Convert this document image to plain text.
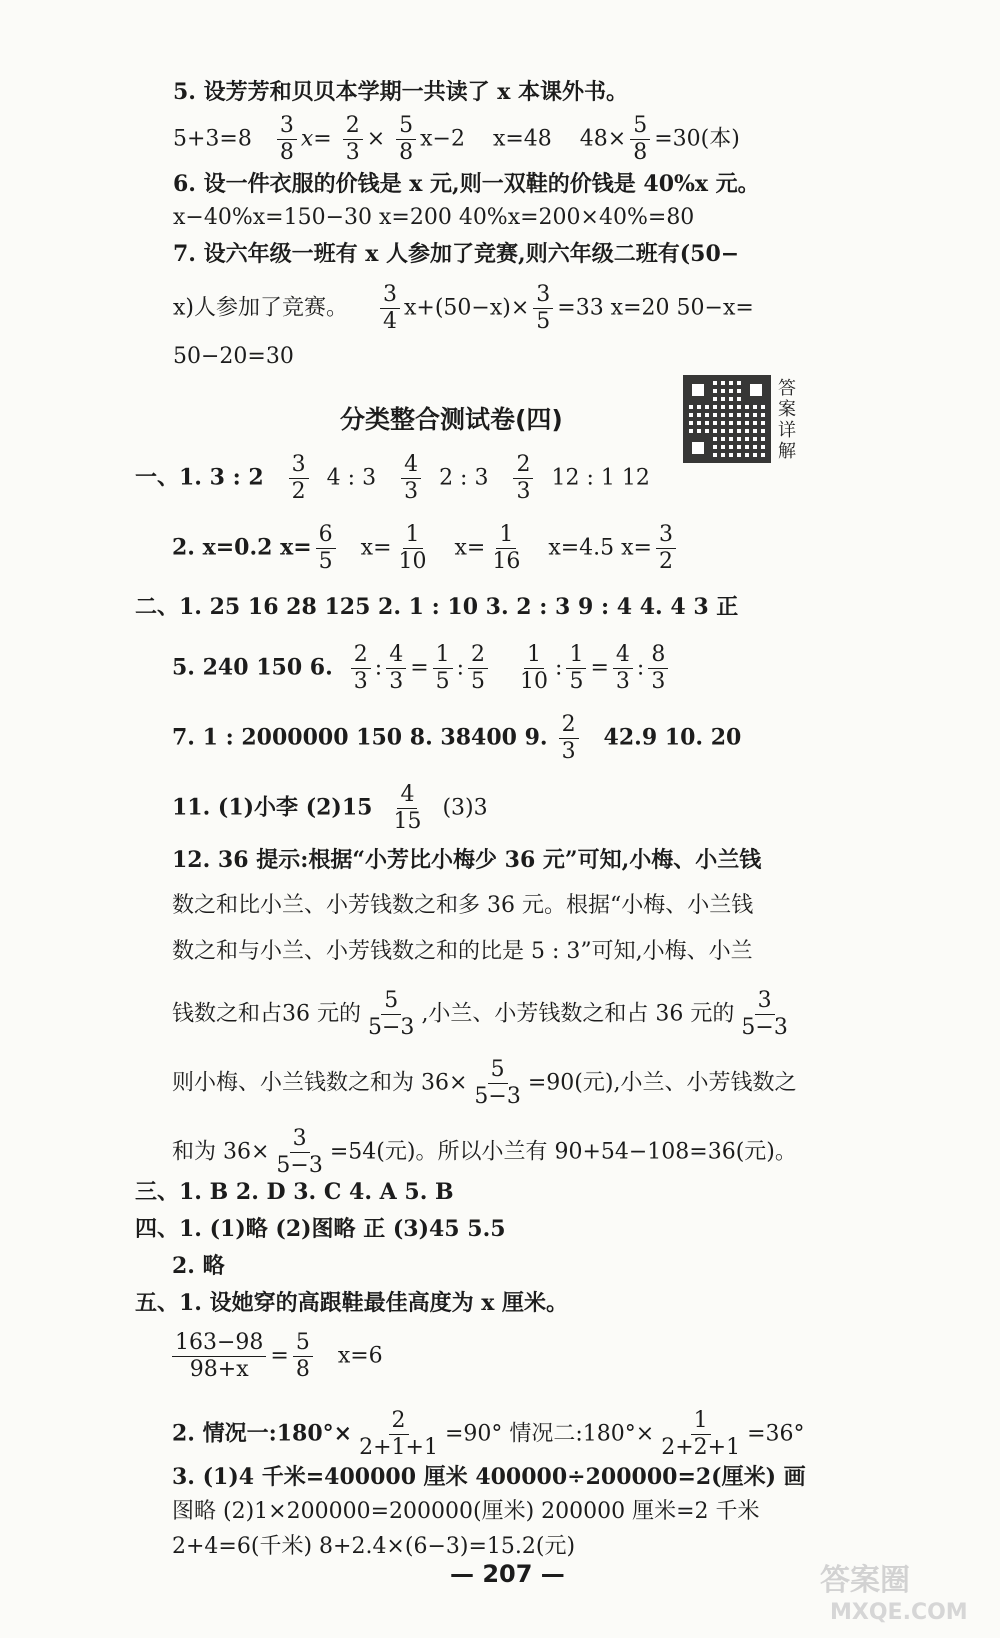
5. 设芳芳和贝贝本学期一共读了 x 本课外书。
$5+3=8 \frac{3}{8} x= \frac{2}{3} \times \frac{5}{8} x-2$ x=48 $48\times \frac{5}{8} =30$(本)
6. 设一件衣服的价钱是 x 元,则一双鞋的价钱是 40%x 元。
x−40%x=150−30 x=200 40%x=200×40%=80
7. 设六年级一班有 x 人参加了竞赛,则六年级二班有(50−
x)人参加了竞赛。 $\frac{3}{4} x+(50-x)\times \frac{3}{5} =33$ x=20 50−x=
50−20=30
分类整合测试卷(四)
答案详解
一、1. 3 : $2 \frac{3}{2} 4$ : $3 \frac{4}{3} 2$ : $3 \frac{2}{3} 12$ : 1 12
2. x=0.2 $x= \frac{6}{5} x= \frac{1}{10} x= \frac{1}{16} x=4.5$ $x= \frac{3}{2}$
二、1. 25 16 28 125 2. 1 : 10 3. 2 : 3 9 : 4 4. 4 3 正
5. 240 150 6. $\frac{2}{3}$ : $\frac{4}{3} = \frac{1}{5}$ : $\frac{2}{5}$
$\frac{1}{10}$ : $\frac{1}{5} = \frac{4}{3}$ : $\frac{8}{3}$
7. 1 : 2000000 150 8. 38400 9. $\frac{2}{3} 42.9$ 10. 20
11. (1)小李 $(2)15 \frac{4}{15} (3)3$
12. 36 提示:根据“小芳比小梅少 36 元”可知,小梅、小兰钱
数之和比小兰、小芳钱数之和多 36 元。根据“小梅、小兰钱
数之和与小兰、小芳钱数之和的比是 5 : 3”可知,小梅、小兰
钱数之和占36 元的 $\frac{5}{5-3}$ ,小兰、小芳钱数之和占 36 元的 $\frac{3}{5-3}$
则小梅、小兰钱数之和为 $36\times \frac{5}{5-3} =90$(元),小兰、小芳钱数之
和为 $36\times \frac{3}{5-3} =54$(元)。所以小兰有 90+54−108=36(元)。
三、1. B 2. D 3. C 4. A 5. B
四、1. (1)略 (2)图略 正 (3)45 5.5
2. 略
五、1. 设她穿的高跟鞋最佳高度为 x 厘米。
$\frac{163-98}{98+x} = \frac{5}{8} x=6$
2. 情况一:180°× $\frac{2}{2+1+1} =90^\circ$ 情况二:180°× $\frac{1}{2+2+1} =36^\circ$
3. (1)4 千米=400000 厘米 400000÷200000=2(厘米) 画
图略 (2)1×200000=200000(厘米) 200000 厘米=2 千米
2+4=6(千米) 8+2.4×(6−3)=15.2(元)
— 207 —	答案圈
MXQE.COM
